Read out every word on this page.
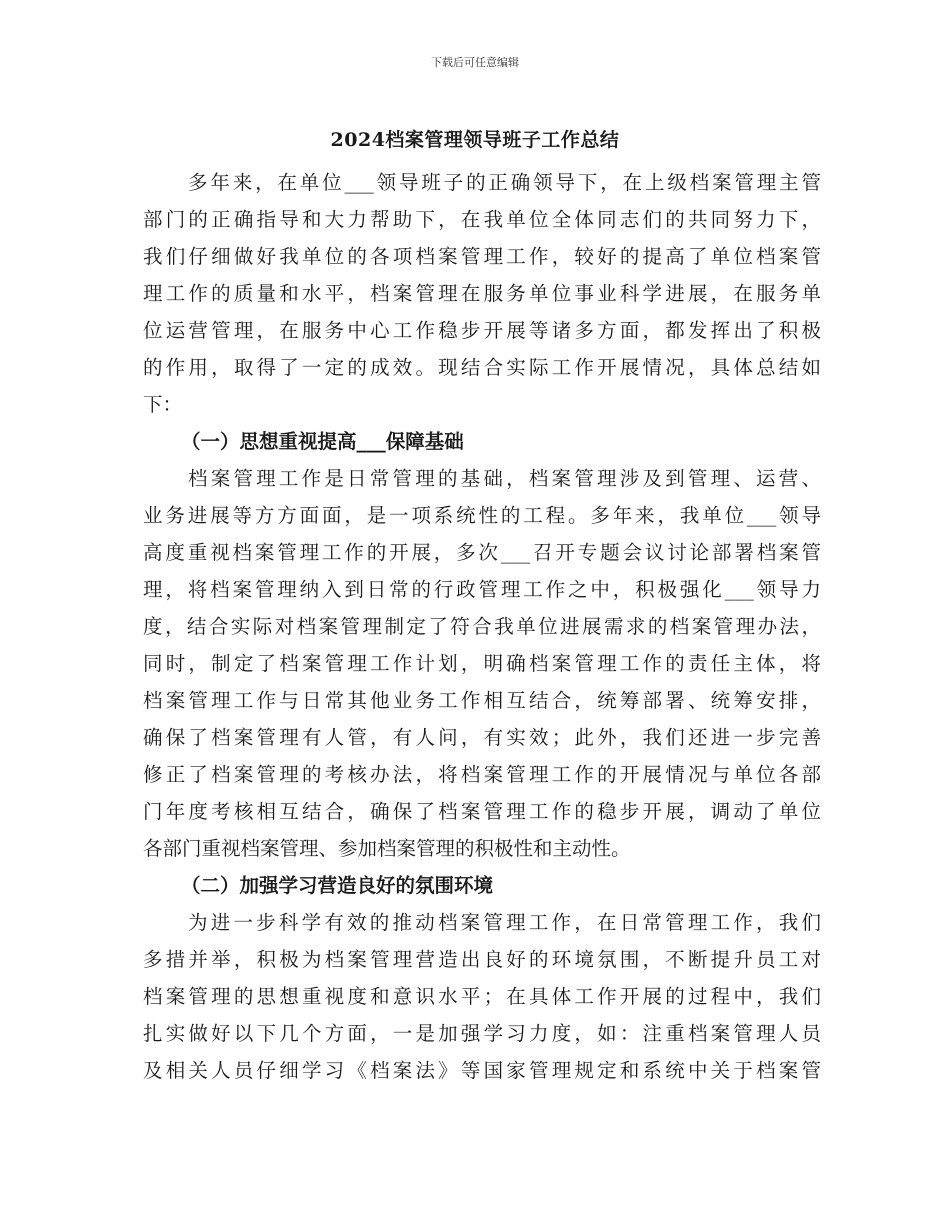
下载后可任意编辑
2024档案管理领导班子工作总结
多年来，在单位___领导班子的正确领导下，在上级档案管理主管
部门的正确指导和大力帮助下，在我单位全体同志们的共同努力下，
我们仔细做好我单位的各项档案管理工作，较好的提高了单位档案管
理工作的质量和水平，档案管理在服务单位事业科学进展，在服务单
位运营管理，在服务中心工作稳步开展等诸多方面，都发挥出了积极
的作用，取得了一定的成效。现结合实际工作开展情况，具体总结如
下：
（一）思想重视提高___保障基础
档案管理工作是日常管理的基础，档案管理涉及到管理、运营、
业务进展等方方面面，是一项系统性的工程。多年来，我单位___领导
高度重视档案管理工作的开展，多次___召开专题会议讨论部署档案管
理，将档案管理纳入到日常的行政管理工作之中，积极强化___领导力
度，结合实际对档案管理制定了符合我单位进展需求的档案管理办法，
同时，制定了档案管理工作计划，明确档案管理工作的责任主体，将
档案管理工作与日常其他业务工作相互结合，统筹部署、统筹安排，
确保了档案管理有人管，有人问，有实效；此外，我们还进一步完善
修正了档案管理的考核办法，将档案管理工作的开展情况与单位各部
门年度考核相互结合，确保了档案管理工作的稳步开展，调动了单位
各部门重视档案管理、参加档案管理的积极性和主动性。
（二）加强学习营造良好的氛围环境
为进一步科学有效的推动档案管理工作，在日常管理工作，我们
多措并举，积极为档案管理营造出良好的环境氛围，不断提升员工对
档案管理的思想重视度和意识水平；在具体工作开展的过程中，我们
扎实做好以下几个方面，一是加强学习力度，如：注重档案管理人员
及相关人员仔细学习《档案法》等国家管理规定和系统中关于档案管
